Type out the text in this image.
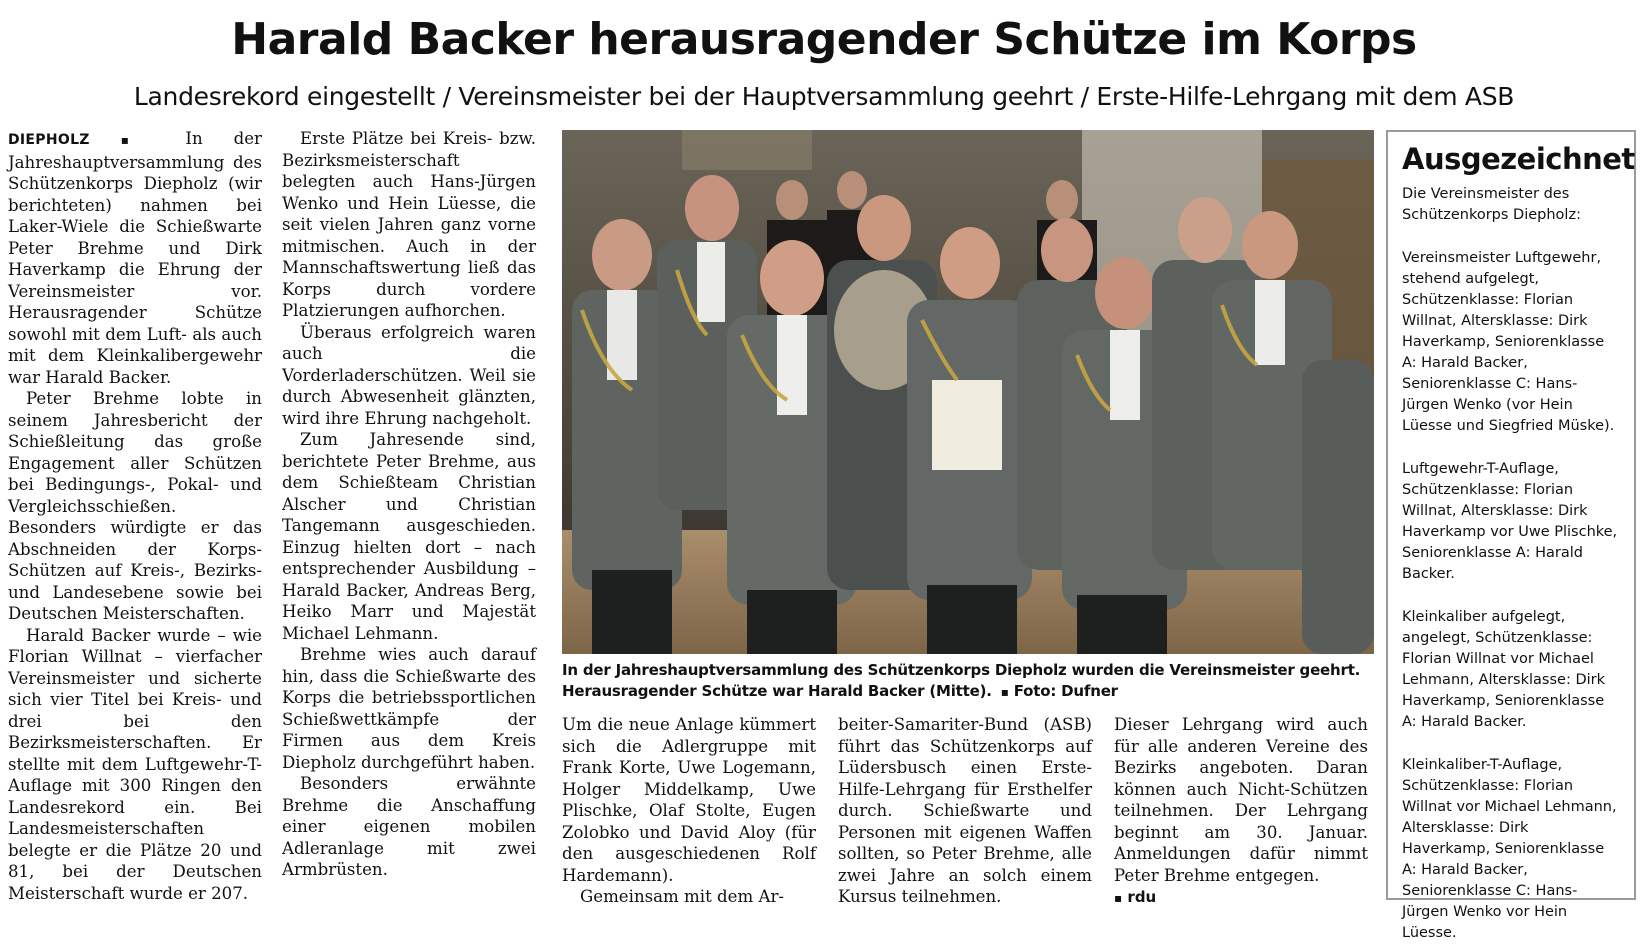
Harald Backer herausragender Schütze im Korps
Landesrekord eingestellt / Vereinsmeister bei der Hauptversammlung geehrt / Erste-Hilfe-Lehrgang mit dem ASB

DIEPHOLZ	▪ In der Jahreshauptversammlung des Schützenkorps Diepholz (wir berichteten) nahmen bei Laker-Wiele die Schießwarte Peter Brehme und Dirk Haverkamp die Ehrung der Vereinsmeister vor. Herausragender Schütze sowohl mit dem Luft- als auch mit dem Kleinkalibergewehr war Harald Backer.

Peter Brehme lobte in seinem Jahresbericht der Schießleitung das große Engagement aller Schützen bei Bedingungs-, Pokal- und Vergleichsschießen. Besonders würdigte er das Abschneiden der Korps-Schützen auf Kreis-, Bezirks- und Landesebene sowie bei Deutschen Meisterschaften.

Harald Backer wurde – wie Florian Willnat – vierfacher Vereinsmeister und sicherte sich vier Titel bei Kreis- und drei bei den Bezirksmeisterschaften. Er stellte mit dem Luftgewehr-T-Auflage mit 300 Ringen den Landesrekord ein. Bei Landesmeisterschaften belegte er die Plätze 20 und 81, bei der Deutschen Meisterschaft wurde er 207.

Erste Plätze bei Kreis- bzw. Bezirksmeisterschaft belegten auch Hans-Jürgen Wenko und Hein Lüesse, die seit vielen Jahren ganz vorne mitmischen. Auch in der Mannschaftswertung ließ das Korps durch vordere Platzierungen aufhorchen.

Überaus erfolgreich waren auch die Vorderladerschützen. Weil sie durch Abwesenheit glänzten, wird ihre Ehrung nachgeholt.

Zum Jahresende sind, berichtete Peter Brehme, aus dem Schießteam Christian Alscher und Christian Tangemann ausgeschieden. Einzug hielten dort – nach entsprechender Ausbildung – Harald Backer, Andreas Berg, Heiko Marr und Majestät Michael Lehmann.

Brehme wies auch darauf hin, dass die Schießwarte des Korps die betriebssportlichen Schießwettkämpfe der Firmen aus dem Kreis Diepholz durchgeführt haben.

Besonders erwähnte Brehme die Anschaffung einer eigenen mobilen Adleranlage mit zwei Armbrüsten.

In der Jahreshauptversammlung des Schützenkorps Diepholz wurden die Vereinsmeister geehrt. Herausragender Schütze war Harald Backer (Mitte).  ▪ Foto: Dufner

Um die neue Anlage kümmert sich die Adlergruppe mit Frank Korte, Uwe Logemann, Holger Middelkamp, Uwe Plischke, Olaf Stolte, Eugen Zolobko und David Aloy (für den ausgeschiedenen Rolf Hardemann).

Gemeinsam mit dem Ar-

beiter-Samariter-Bund (ASB) führt das Schützenkorps auf Lüdersbusch einen Erste-Hilfe-Lehrgang für Ersthelfer durch. Schießwarte und Personen mit eigenen Waffen sollten, so Peter Brehme, alle zwei Jahre an solch einem Kursus teilnehmen.

Dieser Lehrgang wird auch für alle anderen Vereine des Bezirks angeboten. Daran können auch Nicht-Schützen teilnehmen. Der Lehrgang beginnt am 30. Januar. Anmeldungen dafür nimmt Peter Brehme entgegen.

▪ rdu

Ausgezeichnet

Die Vereinsmeister des Schützenkorps Diepholz:

Vereinsmeister Luftgewehr, stehend aufgelegt, Schützenklasse: Florian Willnat, Altersklasse: Dirk Haverkamp, Seniorenklasse A: Harald Backer, Seniorenklasse C: Hans-Jürgen Wenko (vor Hein Lüesse und Siegfried Müske).

Luftgewehr-T-Auflage, Schützenklasse: Florian Willnat, Altersklasse: Dirk Haverkamp vor Uwe Plischke, Seniorenklasse A: Harald Backer.

Kleinkaliber aufgelegt, angelegt, Schützenklasse: Florian Willnat vor Michael Lehmann, Altersklasse: Dirk Haverkamp, Seniorenklasse A: Harald Backer.

Kleinkaliber-T-Auflage, Schützenklasse: Florian Willnat vor Michael Lehmann, Altersklasse: Dirk Haverkamp, Seniorenklasse A: Harald Backer, Seniorenklasse C: Hans-Jürgen Wenko vor Hein Lüesse.
